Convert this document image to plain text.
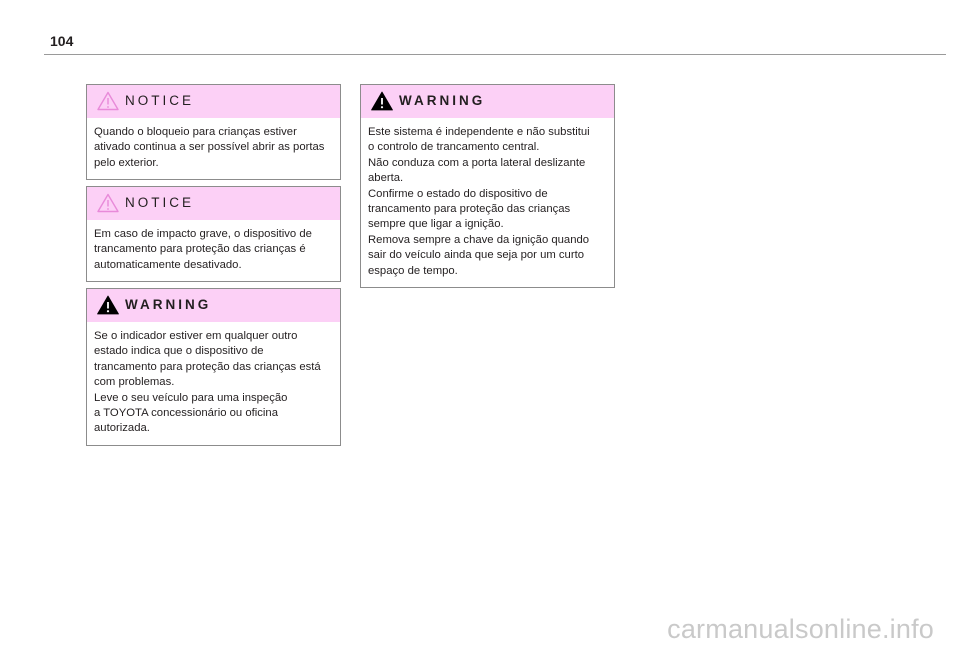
104
NOTICE

Quando o bloqueio para crianças estiver
ativado continua a ser possível abrir as portas
pelo exterior.

NOTICE

Em caso de impacto grave, o dispositivo de
trancamento para proteção das crianças é
automaticamente desativado.

WARNING

Se o indicador estiver em qualquer outro
estado indica que o dispositivo de
trancamento para proteção das crianças está
com problemas.
Leve o seu veículo para uma inspeção
a TOYOTA concessionário ou oficina
autorizada.

WARNING

Este sistema é independente e não substitui
o controlo de trancamento central.
Não conduza com a porta lateral deslizante
aberta.
Confirme o estado do dispositivo de
trancamento para proteção das crianças
sempre que ligar a ignição.
Remova sempre a chave da ignição quando
sair do veículo ainda que seja por um curto
espaço de tempo.

carmanualsonline.info
